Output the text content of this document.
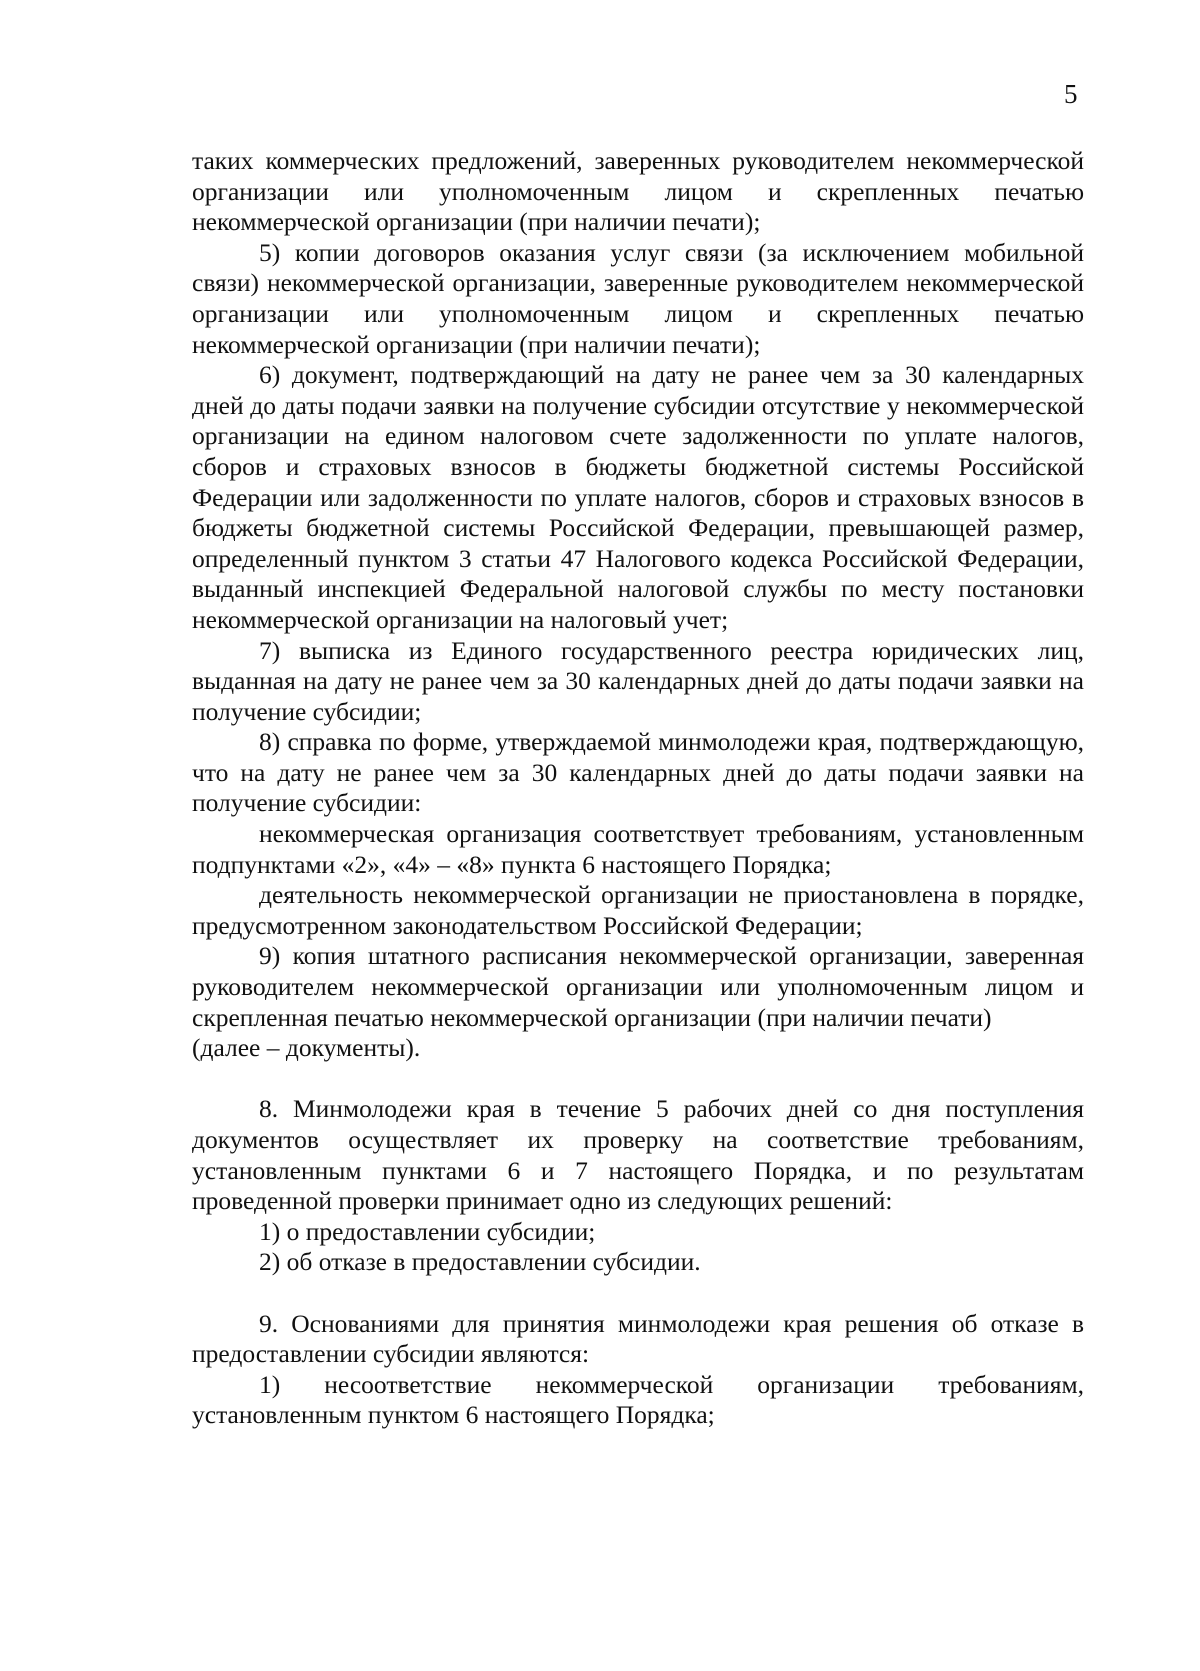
5

таких коммерческих предложений, заверенных руководителем некоммерческой организации или уполномоченным лицом и скрепленных печатью некоммерческой организации (при наличии печати);

5) копии договоров оказания услуг связи (за исключением мобильной связи) некоммерческой организации, заверенные руководителем некоммерческой организации или уполномоченным лицом и скрепленных печатью некоммерческой организации (при наличии печати);

6) документ, подтверждающий на дату не ранее чем за 30 календарных дней до даты подачи заявки на получение субсидии отсутствие у некоммерческой организации на едином налоговом счете задолженности по уплате налогов, сборов и страховых взносов в бюджеты бюджетной системы Российской Федерации или задолженности по уплате налогов, сборов и страховых взносов в бюджеты бюджетной системы Российской Федерации, превышающей размер, определенный пунктом 3 статьи 47 Налогового кодекса Российской Федерации, выданный инспекцией Федеральной налоговой службы по месту постановки некоммерческой организации на налоговый учет;

7) выписка из Единого государственного реестра юридических лиц, выданная на дату не ранее чем за 30 календарных дней до даты подачи заявки на получение субсидии;

8) справка по форме, утверждаемой минмолодежи края, подтверждающую, что на дату не ранее чем за 30 календарных дней до даты подачи заявки на получение субсидии:

некоммерческая организация соответствует требованиям, установленным подпунктами «2», «4» – «8» пункта 6 настоящего Порядка;

деятельность некоммерческой организации не приостановлена в порядке, предусмотренном законодательством Российской Федерации;

9) копия штатного расписания некоммерческой организации, заверенная руководителем некоммерческой организации или уполномоченным лицом и скрепленная печатью некоммерческой организации (при наличии печати)

(далее – документы).

8. Минмолодежи края в течение 5 рабочих дней со дня поступления документов осуществляет их проверку на соответствие требованиям, установленным пунктами 6 и 7 настоящего Порядка, и по результатам проведенной проверки принимает одно из следующих решений:

1) о предоставлении субсидии;

2) об отказе в предоставлении субсидии.

9. Основаниями для принятия минмолодежи края решения об отказе в предоставлении субсидии являются:

1) несоответствие некоммерческой организации требованиям, установленным пунктом 6 настоящего Порядка;
